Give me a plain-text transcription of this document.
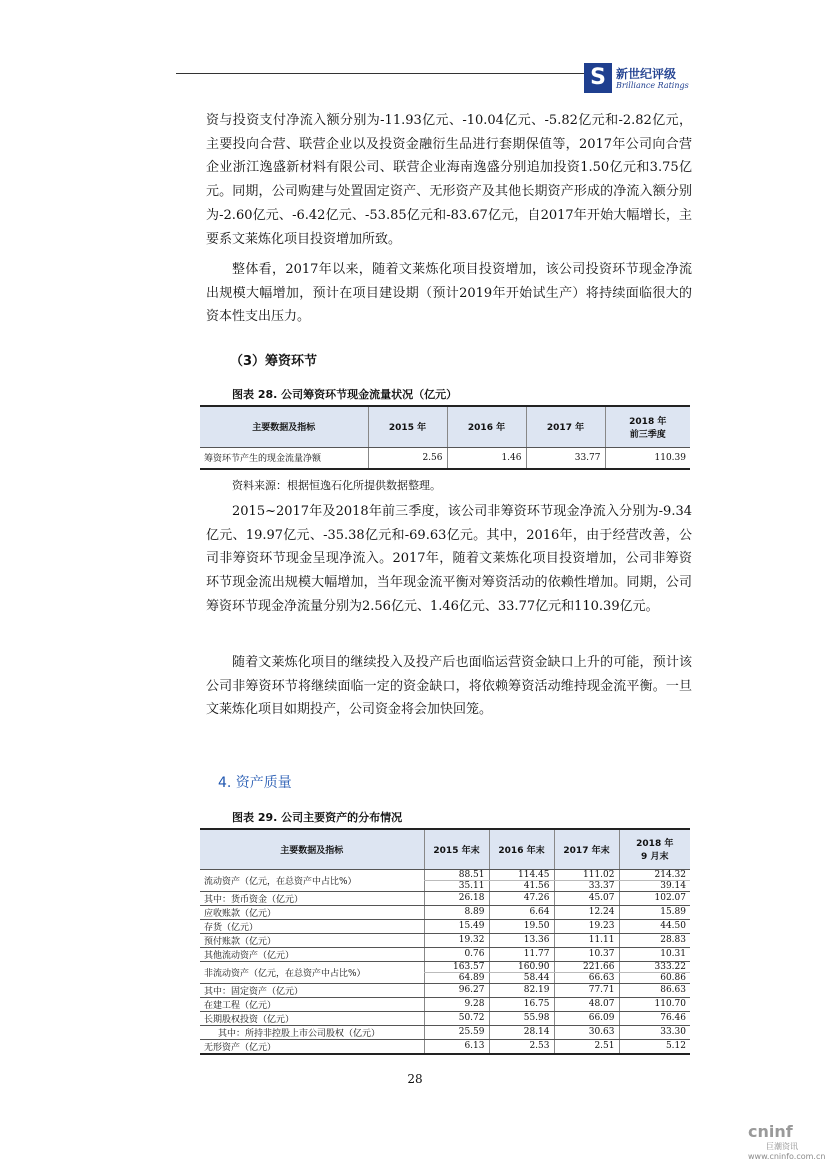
S 新世纪评级
Brilliance Ratings

资与投资支付净流入额分别为-11.93亿元、-10.04亿元、-5.82亿元和-2.82亿元，主要投向合营、联营企业以及投资金融衍生品进行套期保值等，2017年公司向合营企业浙江逸盛新材料有限公司、联营企业海南逸盛分别追加投资1.50亿元和3.75亿元。同期，公司购建与处置固定资产、无形资产及其他长期资产形成的净流入额分别为-2.60亿元、-6.42亿元、-53.85亿元和-83.67亿元，自2017年开始大幅增长，主要系文莱炼化项目投资增加所致。

整体看，2017年以来，随着文莱炼化项目投资增加，该公司投资环节现金净流出规模大幅增加，预计在项目建设期（预计2019年开始试生产）将持续面临很大的资本性支出压力。

（3）筹资环节
图表 28. 公司筹资环节现金流量状况（亿元）
主要数据及指标	2015 年	2016 年	2017 年	2018 年
前三季度
筹资环节产生的现金流量净额	2.56	1.46	33.77	110.39
资料来源：根据恒逸石化所提供数据整理。

2015~2017年及2018年前三季度，该公司非筹资环节现金净流入分别为-9.34亿元、19.97亿元、-35.38亿元和-69.63亿元。其中，2016年，由于经营改善，公司非筹资环节现金呈现净流入。2017年，随着文莱炼化项目投资增加，公司非筹资环节现金流出规模大幅增加，当年现金流平衡对筹资活动的依赖性增加。同期，公司筹资环节现金净流量分别为2.56亿元、1.46亿元、33.77亿元和110.39亿元。

随着文莱炼化项目的继续投入及投产后也面临运营资金缺口上升的可能，预计该公司非筹资环节将继续面临一定的资金缺口，将依赖筹资活动维持现金流平衡。一旦文莱炼化项目如期投产，公司资金将会加快回笼。

4. 资产质量
图表 29. 公司主要资产的分布情况
主要数据及指标	2015 年末	2016 年末	2017 年末	2018 年
9 月末
流动资产（亿元，在总资产中占比%）	88.51	114.45	111.02	214.32
	35.11	41.56	33.37	39.14
其中：货币资金（亿元）	26.18	47.26	45.07	102.07
应收账款（亿元）	8.89	6.64	12.24	15.89
存货（亿元）	15.49	19.50	19.23	44.50
预付账款（亿元）	19.32	13.36	11.11	28.83
其他流动资产（亿元）	0.76	11.77	10.37	10.31
非流动资产（亿元，在总资产中占比%）	163.57	160.90	221.66	333.22
	64.89	58.44	66.63	60.86
其中：固定资产（亿元）	96.27	82.19	77.71	86.63
在建工程（亿元）	9.28	16.75	48.07	110.70
长期股权投资（亿元）	50.72	55.98	66.09	76.46
其中：所持非控股上市公司股权（亿元）	25.59	28.14	30.63	33.30
无形资产（亿元）	6.13	2.53	2.51	5.12
28
cninf
巨潮资讯
www.cninfo.com.cn
